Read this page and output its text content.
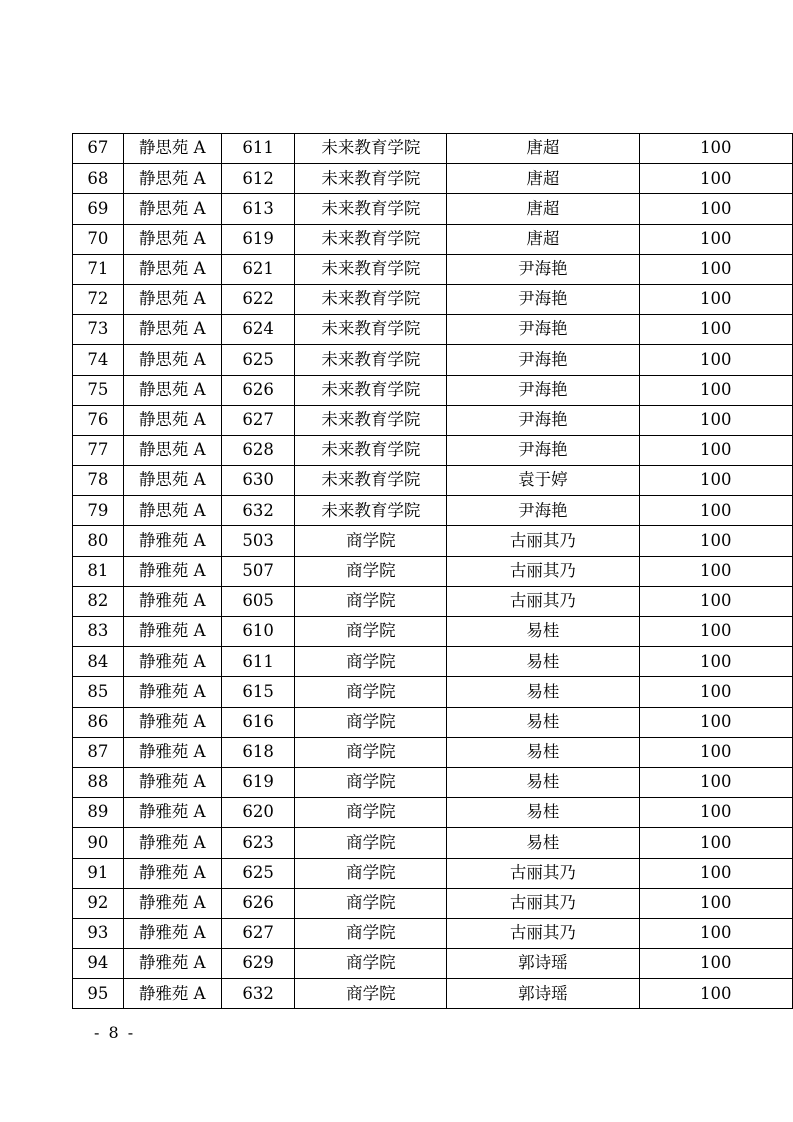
67	静思苑 A	611	未来教育学院	唐超	100
68	静思苑 A	612	未来教育学院	唐超	100
69	静思苑 A	613	未来教育学院	唐超	100
70	静思苑 A	619	未来教育学院	唐超	100
71	静思苑 A	621	未来教育学院	尹海艳	100
72	静思苑 A	622	未来教育学院	尹海艳	100
73	静思苑 A	624	未来教育学院	尹海艳	100
74	静思苑 A	625	未来教育学院	尹海艳	100
75	静思苑 A	626	未来教育学院	尹海艳	100
76	静思苑 A	627	未来教育学院	尹海艳	100
77	静思苑 A	628	未来教育学院	尹海艳	100
78	静思苑 A	630	未来教育学院	袁于婷	100
79	静思苑 A	632	未来教育学院	尹海艳	100
80	静雅苑 A	503	商学院	古丽其乃	100
81	静雅苑 A	507	商学院	古丽其乃	100
82	静雅苑 A	605	商学院	古丽其乃	100
83	静雅苑 A	610	商学院	易桂	100
84	静雅苑 A	611	商学院	易桂	100
85	静雅苑 A	615	商学院	易桂	100
86	静雅苑 A	616	商学院	易桂	100
87	静雅苑 A	618	商学院	易桂	100
88	静雅苑 A	619	商学院	易桂	100
89	静雅苑 A	620	商学院	易桂	100
90	静雅苑 A	623	商学院	易桂	100
91	静雅苑 A	625	商学院	古丽其乃	100
92	静雅苑 A	626	商学院	古丽其乃	100
93	静雅苑 A	627	商学院	古丽其乃	100
94	静雅苑 A	629	商学院	郭诗瑶	100
95	静雅苑 A	632	商学院	郭诗瑶	100
- 8 -
